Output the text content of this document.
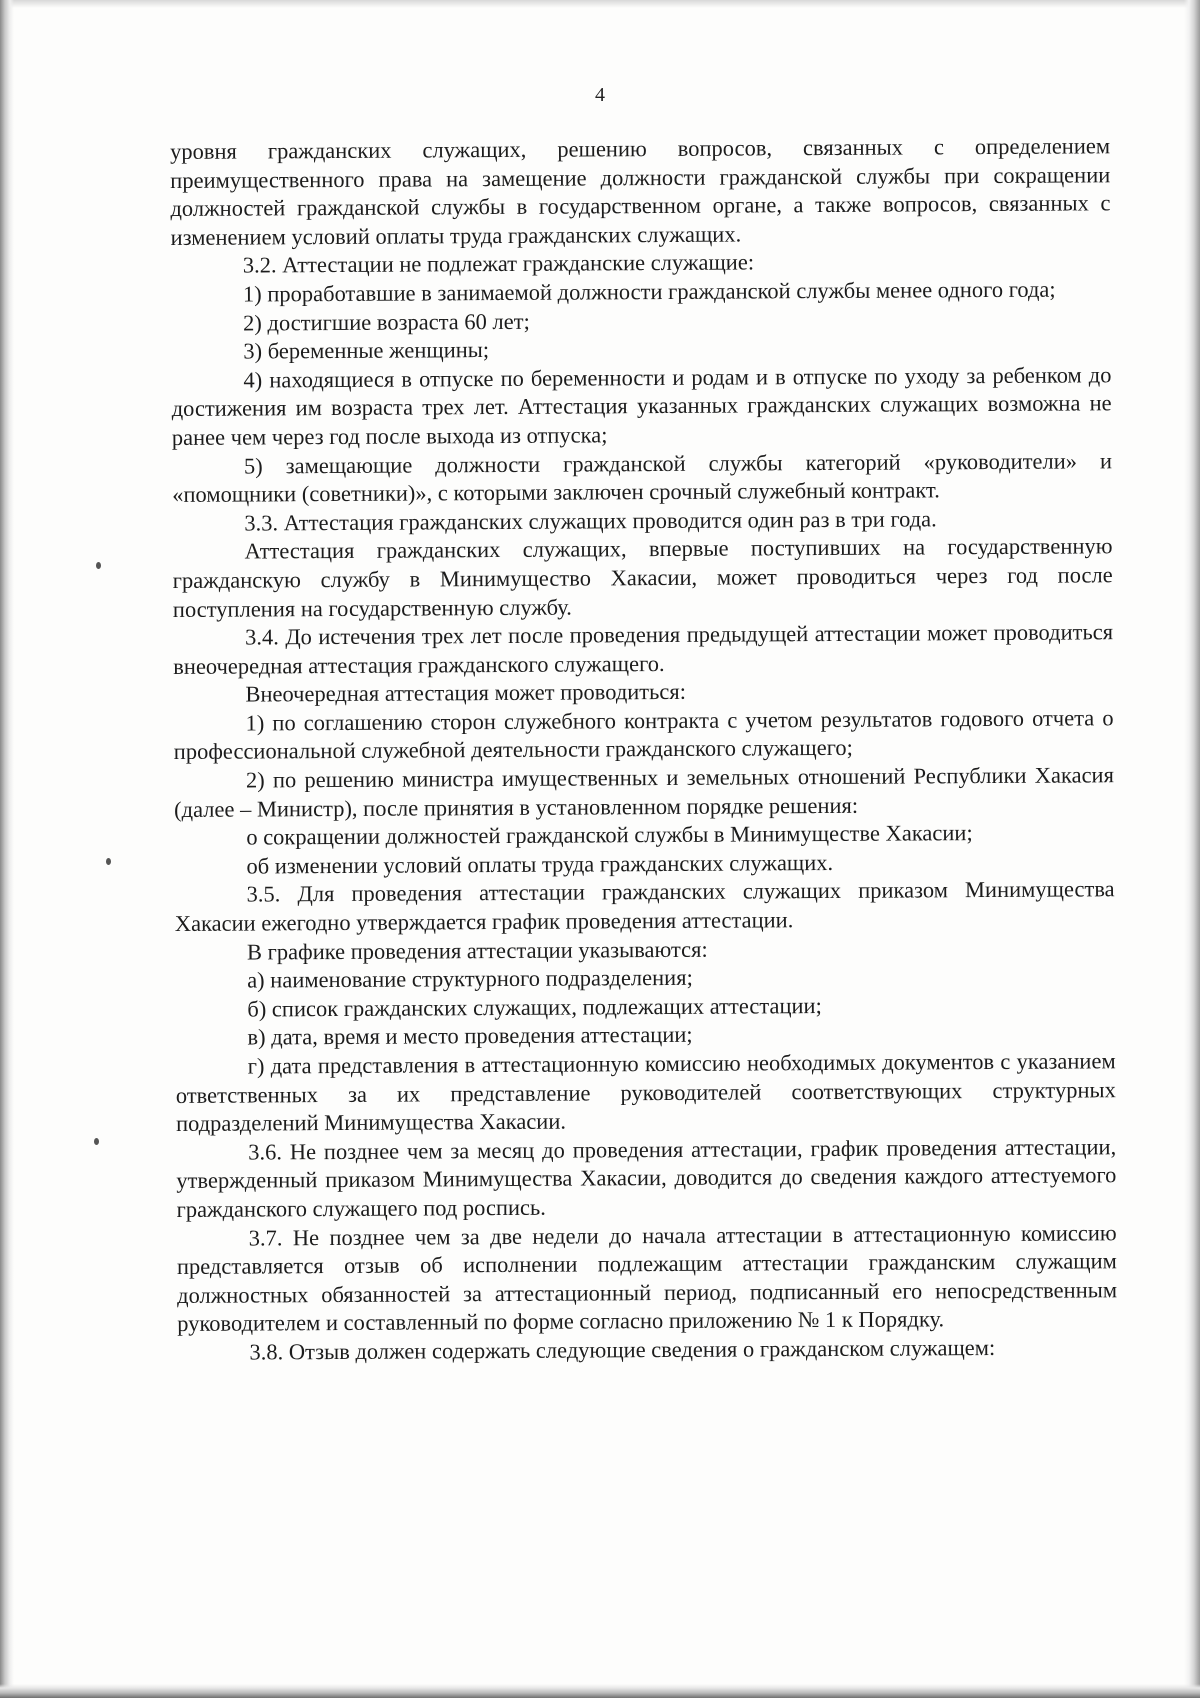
4

уровня гражданских служащих, решению вопросов, связанных с определением преимущественного права на замещение должности гражданской службы при сокращении должностей гражданской службы в государственном органе, а также вопросов, связанных с изменением условий оплаты труда гражданских служащих.

3.2. Аттестации не подлежат гражданские служащие:

1) проработавшие в занимаемой должности гражданской службы менее одного года;

2) достигшие возраста 60 лет;

3) беременные женщины;

4) находящиеся в отпуске по беременности и родам и в отпуске по уходу за ребенком до достижения им возраста трех лет. Аттестация указанных гражданских служащих возможна не ранее чем через год после выхода из отпуска;

5) замещающие должности гражданской службы категорий «руководители» и «помощники (советники)», с которыми заключен срочный служебный контракт.

3.3. Аттестация гражданских служащих проводится один раз в три года.

Аттестация гражданских служащих, впервые поступивших на государственную гражданскую службу в Минимущество Хакасии, может проводиться через год после поступления на государственную службу.

3.4. До истечения трех лет после проведения предыдущей аттестации может проводиться внеочередная аттестация гражданского служащего.

Внеочередная аттестация может проводиться:

1) по соглашению сторон служебного контракта с учетом результатов годового отчета о профессиональной служебной деятельности гражданского служащего;

2) по решению министра имущественных и земельных отношений Республики Хакасия (далее – Министр), после принятия в установленном порядке решения:

о сокращении должностей гражданской службы в Минимуществе Хакасии;

об изменении условий оплаты труда гражданских служащих.

3.5. Для проведения аттестации гражданских служащих приказом Минимущества Хакасии ежегодно утверждается график проведения аттестации.

В графике проведения аттестации указываются:

а) наименование структурного подразделения;

б) список гражданских служащих, подлежащих аттестации;

в) дата, время и место проведения аттестации;

г) дата представления в аттестационную комиссию необходимых документов с указанием ответственных за их представление руководителей соответствующих структурных подразделений Минимущества Хакасии.

3.6. Не позднее чем за месяц до проведения аттестации, график проведения аттестации, утвержденный приказом Минимущества Хакасии, доводится до сведения каждого аттестуемого гражданского служащего под роспись.

3.7. Не позднее чем за две недели до начала аттестации в аттестационную комиссию представляется отзыв об исполнении подлежащим аттестации гражданским служащим должностных обязанностей за аттестационный период, подписанный его непосредственным руководителем и составленный по форме согласно приложению № 1 к Порядку.

3.8. Отзыв должен содержать следующие сведения о гражданском служащем:
